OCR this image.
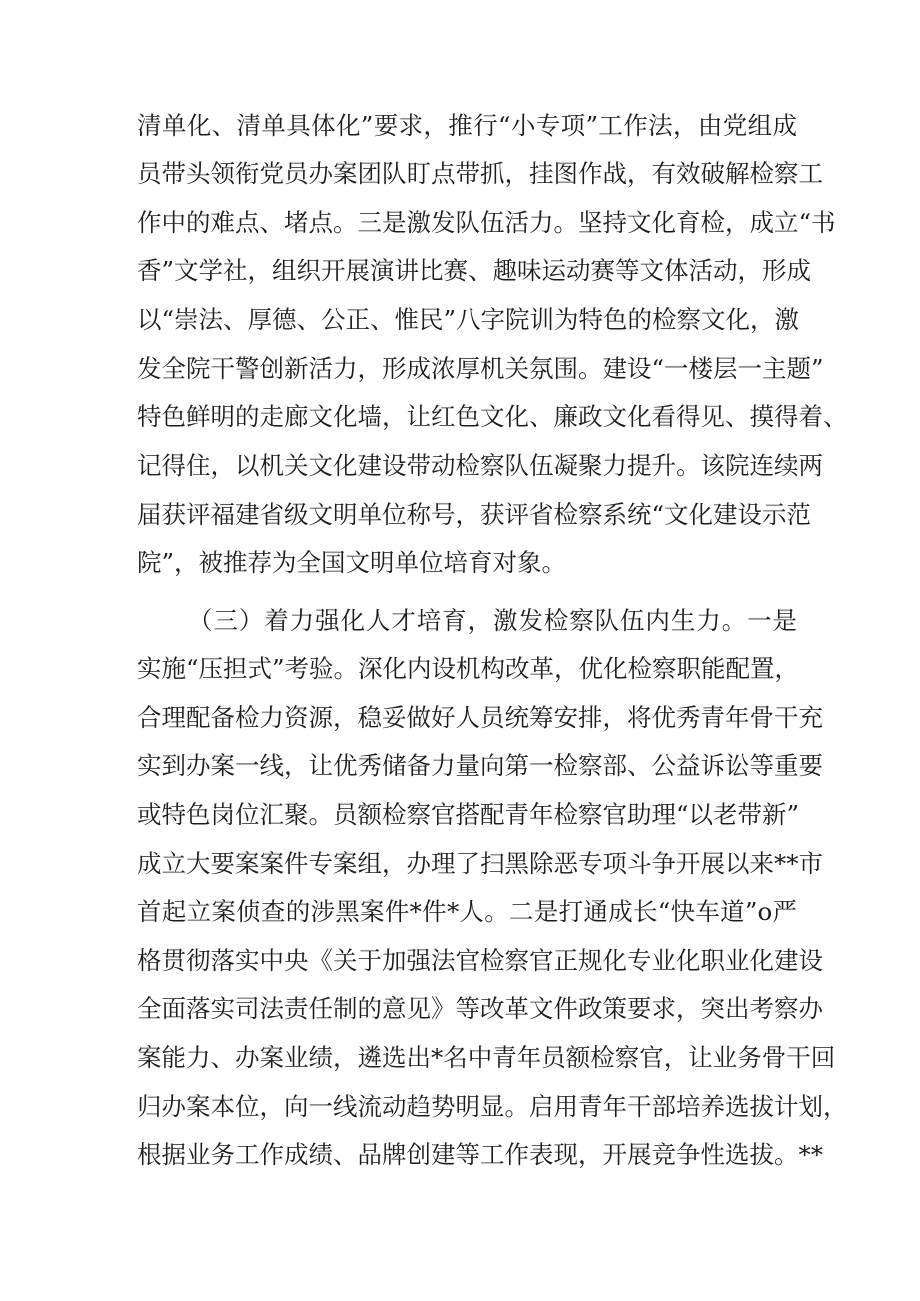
清单化、清单具体化”要求，推行“小专项”工作法，由党组成
员带头领衔党员办案团队盯点带抓，挂图作战，有效破解检察工
作中的难点、堵点。三是激发队伍活力。坚持文化育检，成立“书
香”文学社，组织开展演讲比赛、趣味运动赛等文体活动，形成
以“崇法、厚德、公正、惟民”八字院训为特色的检察文化，激
发全院干警创新活力，形成浓厚机关氛围。建设“一楼层一主题”
特色鲜明的走廊文化墙，让红色文化、廉政文化看得见、摸得着、
记得住，以机关文化建设带动检察队伍凝聚力提升。该院连续两
届获评福建省级文明单位称号，获评省检察系统“文化建设示范
院”，被推荐为全国文明单位培育对象。
（三）着力强化人才培育，激发检察队伍内生力。一是
实施“压担式”考验。深化内设机构改革，优化检察职能配置，
合理配备检力资源，稳妥做好人员统筹安排，将优秀青年骨干充
实到办案一线，让优秀储备力量向第一检察部、公益诉讼等重要
或特色岗位汇聚。员额检察官搭配青年检察官助理“以老带新”
成立大要案案件专案组，办理了扫黑除恶专项斗争开展以来**市
首起立案侦查的涉黑案件*件*人。二是打通成长“快车道”o严
格贯彻落实中央《关于加强法官检察官正规化专业化职业化建设
全面落实司法责任制的意见》等改革文件政策要求，突出考察办
案能力、办案业绩，遴选出*名中青年员额检察官，让业务骨干回
归办案本位，向一线流动趋势明显。启用青年干部培养选拔计划，
根据业务工作成绩、品牌创建等工作表现，开展竞争性选拔。**
